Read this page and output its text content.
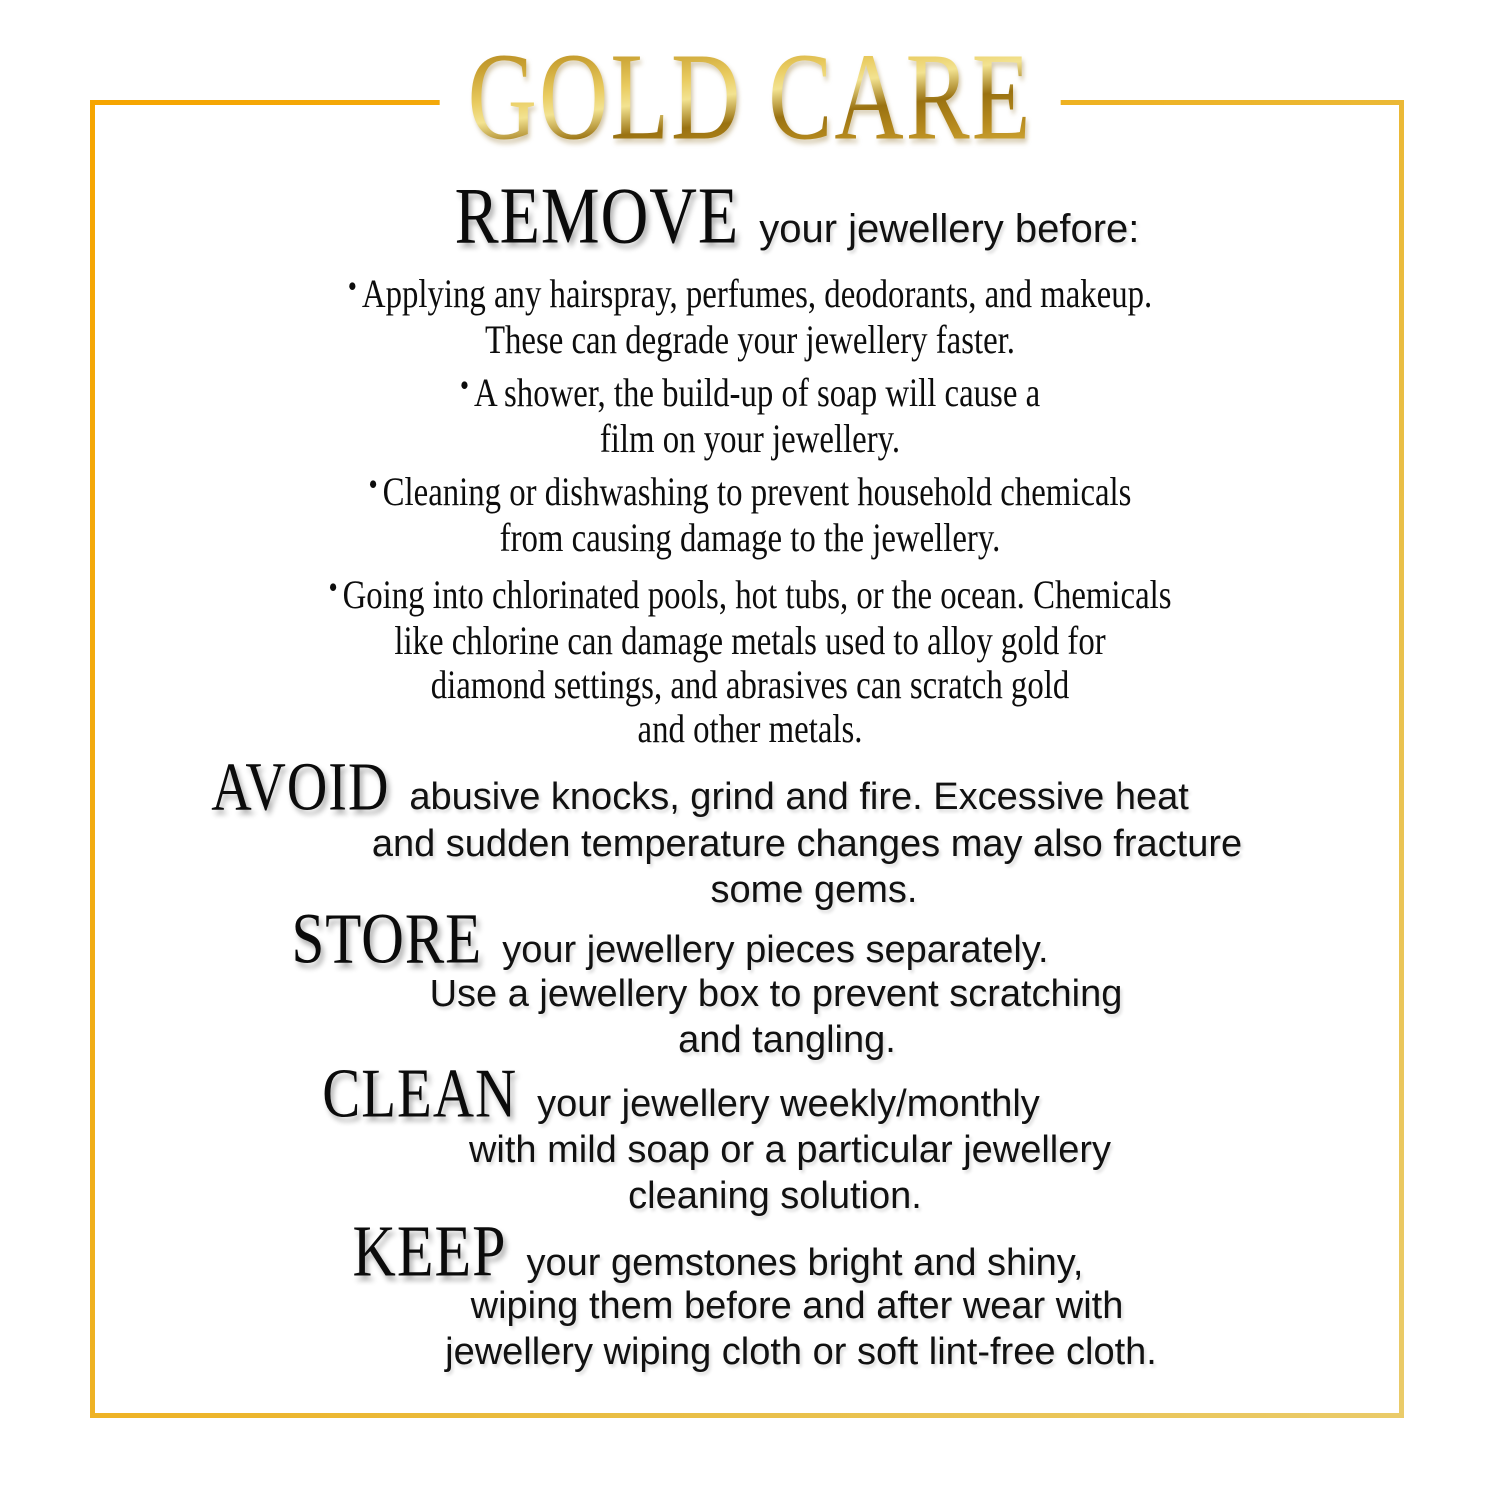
GOLD CARE
REMOVE your jewellery before:
• Applying any hairspray, perfumes, deodorants, and makeup.
These can degrade your jewellery faster.
• A shower, the build-up of soap will cause a
film on your jewellery.
• Cleaning or dishwashing to prevent household chemicals
from causing damage to the jewellery.
• Going into chlorinated pools, hot tubs, or the ocean. Chemicals
like chlorine can damage metals used to alloy gold for
diamond settings, and abrasives can scratch gold
and other metals.
AVOID abusive knocks, grind and fire. Excessive heat
and sudden temperature changes may also fracture
some gems.
STORE your jewellery pieces separately.
Use a jewellery box to prevent scratching
and tangling.
CLEAN your jewellery weekly/monthly
with mild soap or a particular jewellery
cleaning solution.
KEEP your gemstones bright and shiny,
wiping them before and after wear with
jewellery wiping cloth or soft lint-free cloth.
